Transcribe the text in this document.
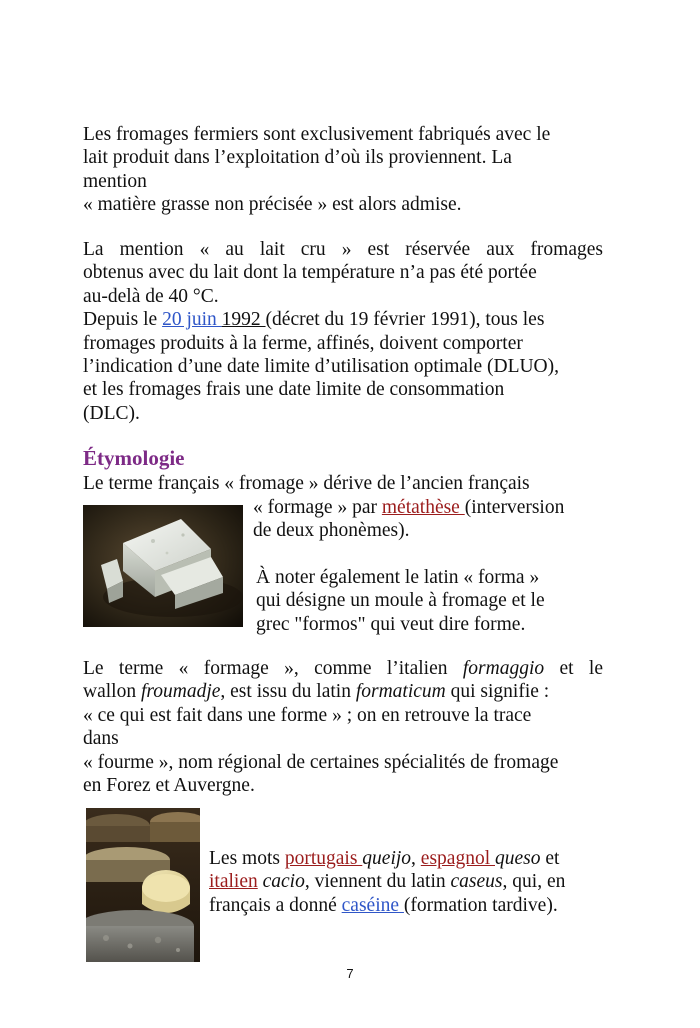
Les fromages fermiers sont exclusivement fabriqués avec le
lait produit dans l’exploitation d’où ils proviennent. La
mention
« matière grasse non précisée » est alors admise.
La mention « au lait cru » est réservée aux fromages
obtenus avec du lait dont la température n’a pas été portée
au-delà de 40 °C.
Depuis le 20 juin 1992 (décret du 19 février 1991), tous les
fromages produits à la ferme, affinés, doivent comporter
l’indication d’une date limite d’utilisation optimale (DLUO),
et les fromages frais une date limite de consommation
(DLC).
Étymologie
Le terme français « fromage » dérive de l’ancien français
« formage » par métathèse (interversion
de deux phonèmes).
À noter également le latin « forma »
qui désigne un moule à fromage et le
grec "formos" qui veut dire forme.
Le terme « formage », comme l’italien formaggio et le
wallon froumadje, est issu du latin formaticum qui signifie :
« ce qui est fait dans une forme » ; on en retrouve la trace
dans
« fourme », nom régional de certaines spécialités de fromage
en Forez et Auvergne.
Les mots portugais queijo, espagnol queso et
italien cacio, viennent du latin caseus, qui, en
français a donné caséine (formation tardive).
7
